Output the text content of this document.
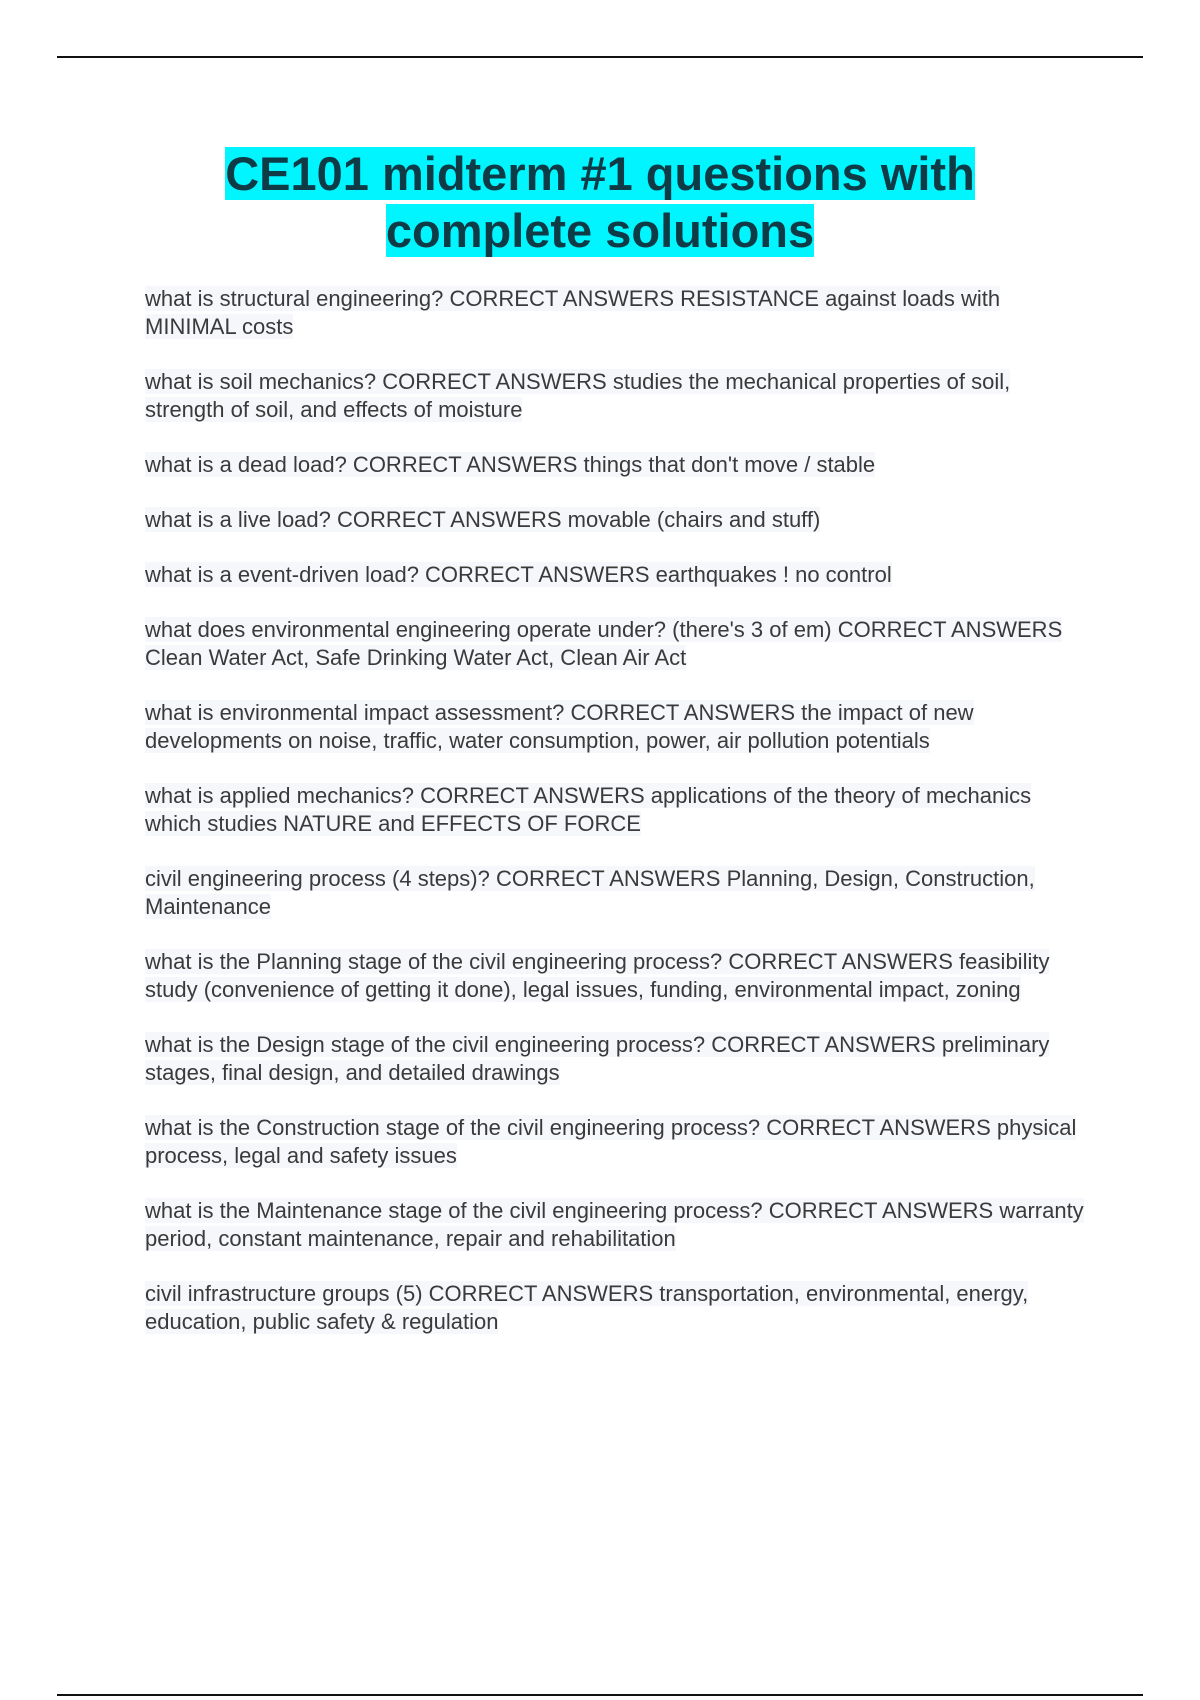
CE101 midterm #1 questions with complete solutions
what is structural engineering? CORRECT ANSWERS RESISTANCE against loads with MINIMAL costs
what is soil mechanics? CORRECT ANSWERS studies the mechanical properties of soil, strength of soil, and effects of moisture
what is a dead load? CORRECT ANSWERS things that don't move / stable
what is a live load? CORRECT ANSWERS movable (chairs and stuff)
what is a event-driven load? CORRECT ANSWERS earthquakes ! no control
what does environmental engineering operate under? (there's 3 of em) CORRECT ANSWERS Clean Water Act, Safe Drinking Water Act, Clean Air Act
what is environmental impact assessment? CORRECT ANSWERS the impact of new developments on noise, traffic, water consumption, power, air pollution potentials
what is applied mechanics? CORRECT ANSWERS applications of the theory of mechanics which studies NATURE and EFFECTS OF FORCE
civil engineering process (4 steps)? CORRECT ANSWERS Planning, Design, Construction, Maintenance
what is the Planning stage of the civil engineering process? CORRECT ANSWERS feasibility study (convenience of getting it done), legal issues, funding, environmental impact, zoning
what is the Design stage of the civil engineering process? CORRECT ANSWERS preliminary stages, final design, and detailed drawings
what is the Construction stage of the civil engineering process? CORRECT ANSWERS physical process, legal and safety issues
what is the Maintenance stage of the civil engineering process? CORRECT ANSWERS warranty period, constant maintenance, repair and rehabilitation
civil infrastructure groups (5) CORRECT ANSWERS transportation, environmental, energy, education, public safety & regulation
